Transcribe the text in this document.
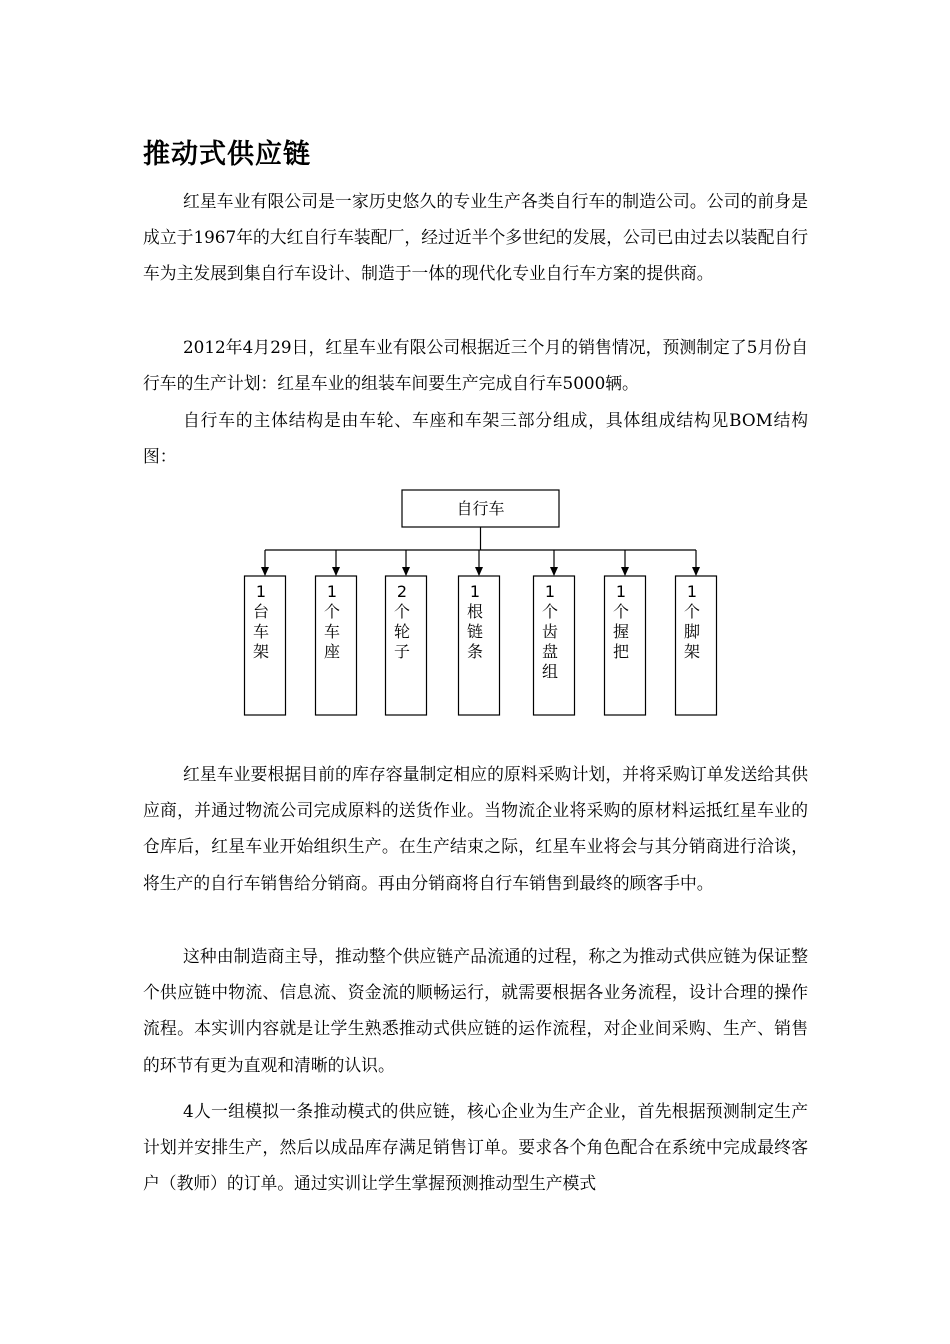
推动式供应链

红星车业有限公司是一家历史悠久的专业生产各类自行车的制造公司。公司的前身是成立于1967年的大红自行车装配厂，经过近半个多世纪的发展，公司已由过去以装配自行车为主发展到集自行车设计、制造于一体的现代化专业自行车方案的提供商。

2012年4月29日，红星车业有限公司根据近三个月的销售情况，预测制定了5月份自行车的生产计划：红星车业的组装车间要生产完成自行车5000辆。

自行车的主体结构是由车轮、车座和车架三部分组成，具体组成结构见BOM结构图：

自行车
1
台
车
架
1
个
车
座
2
个
轮
子
1
根
链
条
1
个
齿
盘
组
1
个
握
把
1
个
脚
架

红星车业要根据目前的库存容量制定相应的原料采购计划，并将采购订单发送给其供应商，并通过物流公司完成原料的送货作业。当物流企业将采购的原材料运抵红星车业的仓库后，红星车业开始组织生产。在生产结束之际，红星车业将会与其分销商进行洽谈，将生产的自行车销售给分销商。再由分销商将自行车销售到最终的顾客手中。

这种由制造商主导，推动整个供应链产品流通的过程，称之为推动式供应链为保证整个供应链中物流、信息流、资金流的顺畅运行，就需要根据各业务流程，设计合理的操作流程。本实训内容就是让学生熟悉推动式供应链的运作流程，对企业间采购、生产、销售的环节有更为直观和清晰的认识。

4人一组模拟一条推动模式的供应链，核心企业为生产企业，首先根据预测制定生产计划并安排生产，然后以成品库存满足销售订单。要求各个角色配合在系统中完成最终客户（教师）的订单。通过实训让学生掌握预测推动型生产模式
